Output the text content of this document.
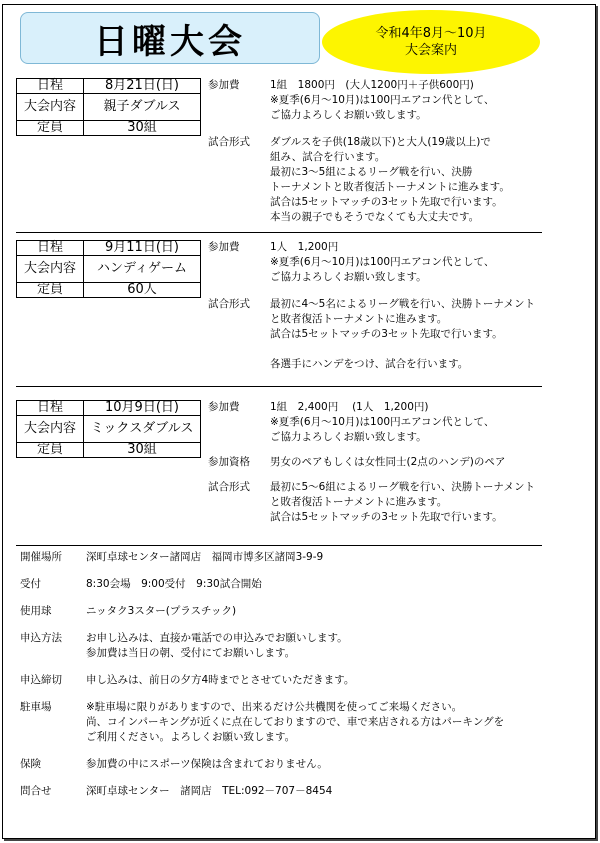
日曜大会	令和4年8月～10月
大会案内
日程	8月21日(日)
大会内容	親子ダブルス
定員	30組
参加費	1組　1800円　(大人1200円＋子供600円)
※夏季(6月～10月)は100円エアコン代として、
ご協力よろしくお願い致します。
試合形式	ダブルスを子供(18歳以下)と大人(19歳以上)で
組み、試合を行います。
最初に3～5組によるリーグ戦を行い、決勝
トーナメントと敗者復活トーナメントに進みます。
試合は5セットマッチの3セット先取で行います。
本当の親子でもそうでなくても大丈夫です。
日程	9月11日(日)
大会内容	ハンディゲーム
定員	60人
参加費	1人　1,200円
※夏季(6月～10月)は100円エアコン代として、
ご協力よろしくお願い致します。
試合形式	最初に4～5名によるリーグ戦を行い、決勝トーナメント
と敗者復活トーナメントに進みます。
試合は5セットマッチの3セット先取で行います。
各選手にハンデをつけ、試合を行います。
日程	10月9日(日)
大会内容	ミックスダブルス
定員	30組
参加費	1組　2,400円　 (1人　1,200円)
※夏季(6月～10月)は100円エアコン代として、
ご協力よろしくお願い致します。
参加資格	男女のペアもしくは女性同士(2点のハンデ)のペア
試合形式	最初に5～6組によるリーグ戦を行い、決勝トーナメント
と敗者復活トーナメントに進みます。
試合は5セットマッチの3セット先取で行います。
開催場所	深町卓球センター諸岡店　福岡市博多区諸岡3-9-9
受付	8:30会場　9:00受付　9:30試合開始
使用球	ニッタク3スター(プラスチック)
申込方法	お申し込みは、直接か電話での申込みでお願いします。
参加費は当日の朝、受付にてお願いします。
申込締切	申し込みは、前日の夕方4時までとさせていただきます。
駐車場	※駐車場に限りがありますので、出来るだけ公共機関を使ってご来場ください。
尚、コインパーキングが近くに点在しておりますので、車で来店される方はパーキングを
ご利用ください。よろしくお願い致します。
保険	参加費の中にスポーツ保険は含まれておりません。
問合せ	深町卓球センター　諸岡店　TEL:092－707－8454
